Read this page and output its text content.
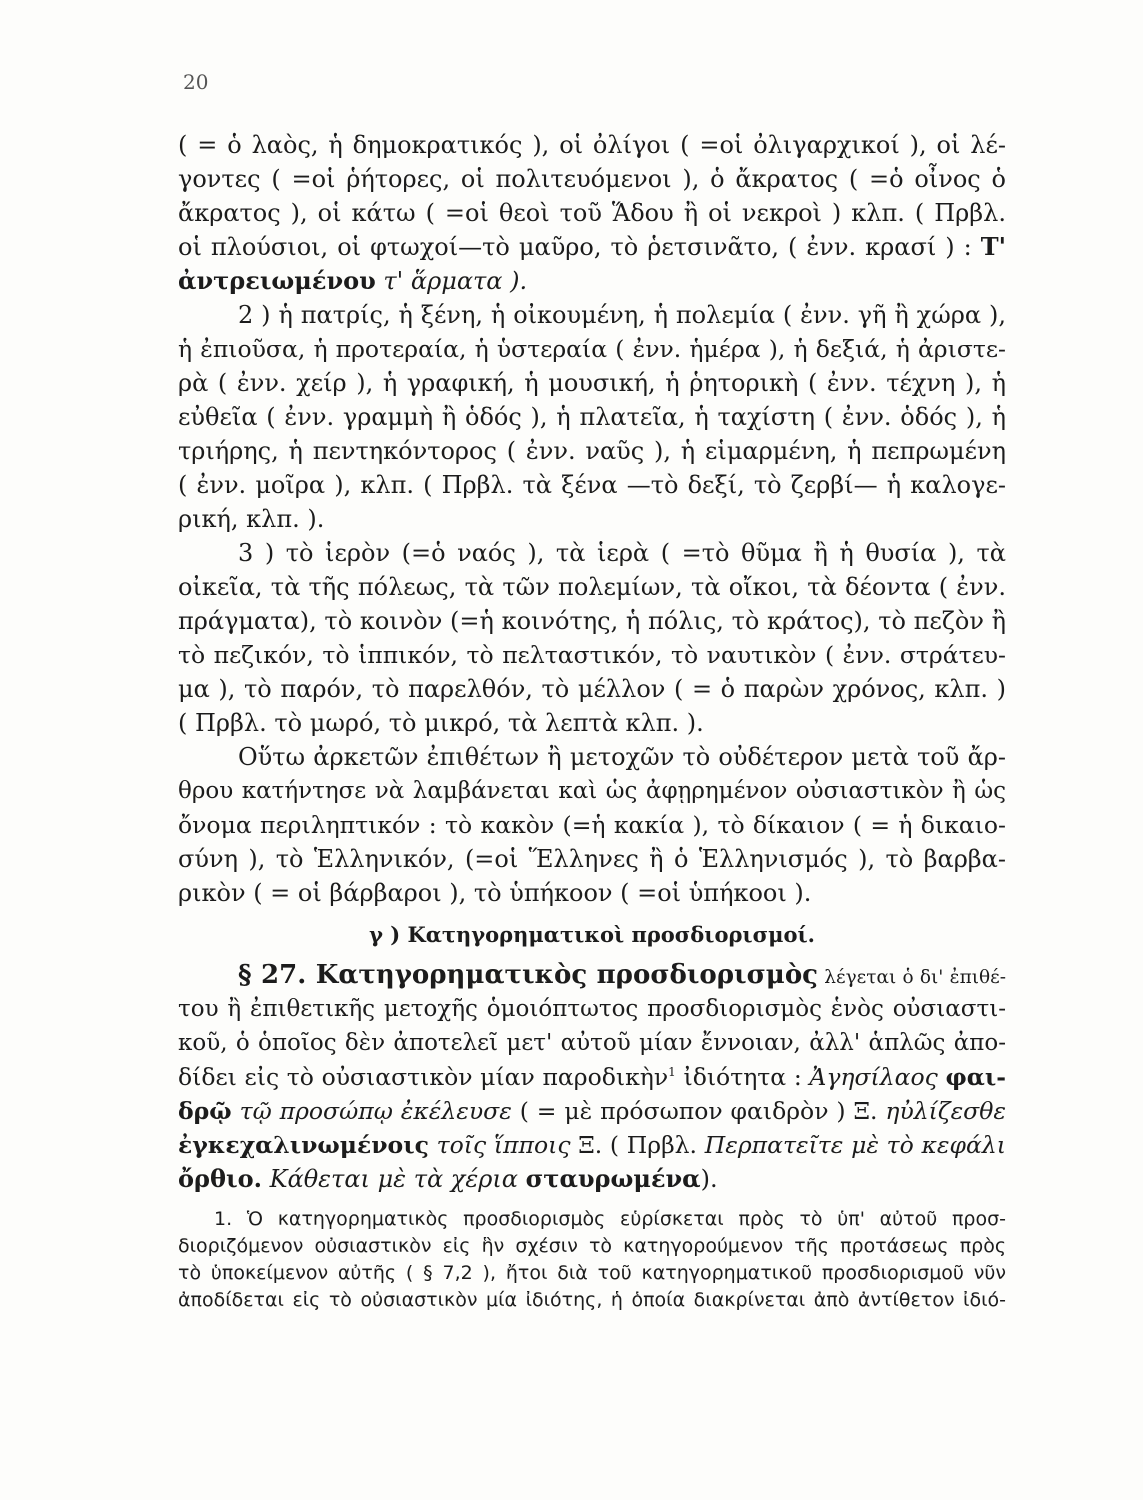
20
( = ὁ λαὸς, ἡ δημοκρατικός ), οἱ ὀλίγοι ( =οἱ ὀλιγαρχικοί ), οἱ λέ-
γοντες ( =οἱ ῥήτορες, οἱ πολιτευόμενοι ), ὁ ἄκρατος ( =ὁ οἶνος ὁ
ἄκρατος ), οἱ κάτω ( =οἱ θεοὶ τοῦ Ἅδου ἢ οἱ νεκροὶ ) κλπ. ( Πρβλ.
οἱ πλούσιοι, οἱ φτωχοί—τὸ μαῦρο, τὸ ῥετσινᾶτο, ( ἐνν. κρασί ) : Τ'
ἀντρειωμένου τ' ἅρματα ).
2 ) ἡ πατρίς, ἡ ξένη, ἡ οἰκουμένη, ἡ πολεμία ( ἐνν. γῆ ἢ χώρα ),
ἡ ἐπιοῦσα, ἡ προτεραία, ἡ ὑστεραία ( ἐνν. ἡμέρα ), ἡ δεξιά, ἡ ἀριστε-
ρὰ ( ἐνν. χείρ ), ἡ γραφική, ἡ μουσική, ἡ ῥητορικὴ ( ἐνν. τέχνη ), ἡ
εὐθεῖα ( ἐνν. γραμμὴ ἢ ὁδός ), ἡ πλατεῖα, ἡ ταχίστη ( ἐνν. ὁδός ), ἡ
τριήρης, ἡ πεντηκόντορος ( ἐνν. ναῦς ), ἡ εἱμαρμένη, ἡ πεπρωμένη
( ἐνν. μοῖρα ), κλπ. ( Πρβλ. τὰ ξένα —τὸ δεξί, τὸ ζερβί— ἡ καλογε-
ρική, κλπ. ).
3 ) τὸ ἱερὸν (=ὁ ναός ), τὰ ἱερὰ ( =τὸ θῦμα ἢ ἡ θυσία ), τὰ
οἰκεῖα, τὰ τῆς πόλεως, τὰ τῶν πολεμίων, τὰ οἴκοι, τὰ δέοντα ( ἐνν.
πράγματα), τὸ κοινὸν (=ἡ κοινότης, ἡ πόλις, τὸ κράτος), τὸ πεζὸν ἢ
τὸ πεζικόν, τὸ ἱππικόν, τὸ πελταστικόν, τὸ ναυτικὸν ( ἐνν. στράτευ-
μα ), τὸ παρόν, τὸ παρελθόν, τὸ μέλλον ( = ὁ παρὼν χρόνος, κλπ. )
( Πρβλ. τὸ μωρό, τὸ μικρό, τὰ λεπτὰ κλπ. ).
Οὕτω ἀρκετῶν ἐπιθέτων ἢ μετοχῶν τὸ οὐδέτερον μετὰ τοῦ ἄρ-
θρου κατήντησε νὰ λαμβάνεται καὶ ὡς ἀφῃρημένον οὐσιαστικὸν ἢ ὡς
ὄνομα περιληπτικόν : τὸ κακὸν (=ἡ κακία ), τὸ δίκαιον ( = ἡ δικαιο-
σύνη ), τὸ Ἑλληνικόν, (=οἱ Ἕλληνες ἢ ὁ Ἑλληνισμός ), τὸ βαρβα-
ρικὸν ( = οἱ βάρβαροι ), τὸ ὑπήκοον ( =οἱ ὑπήκοοι ).
γ ) Κατηγορηματικοὶ προσδιορισμοί.
§ 27. Κατηγορηματικὸς προσδιορισμὸς λέγεται ὁ δι' ἐπιθέ-
του ἢ ἐπιθετικῆς μετοχῆς ὁμοιόπτωτος προσδιορισμὸς ἑνὸς οὐσιαστι-
κοῦ, ὁ ὁποῖος δὲν ἀποτελεῖ μετ' αὐτοῦ μίαν ἔννοιαν, ἀλλ' ἁπλῶς ἀπο-
δίδει εἰς τὸ οὐσιαστικὸν μίαν παροδικὴν$^1$ ἰδιότητα : Ἀγησίλαος φαι-
δρῷ τῷ προσώπῳ ἐκέλευσε ( = μὲ πρόσωπον φαιδρὸν ) Ξ. ηὐλίζεσθε
ἐγκεχαλινωμένοις τοῖς ἵπποις Ξ. ( Πρβλ. Περπατεῖτε μὲ τὸ κεφάλι
ὄρθιο. Κάθεται μὲ τὰ χέρια σταυρωμένα).
1. Ὁ κατηγορηματικὸς προσδιορισμὸς εὑρίσκεται πρὸς τὸ ὑπ' αὐτοῦ προσ-
διοριζόμενον οὐσιαστικὸν εἰς ἣν σχέσιν τὸ κατηγορούμενον τῆς προτάσεως πρὸς
τὸ ὑποκείμενον αὐτῆς ( § 7,2 ), ἤτοι διὰ τοῦ κατηγορηματικοῦ προσδιορισμοῦ νῦν
ἀποδίδεται εἰς τὸ οὐσιαστικὸν μία ἰδιότης, ἡ ὁποία διακρίνεται ἀπὸ ἀντίθετον ἰδιό-
